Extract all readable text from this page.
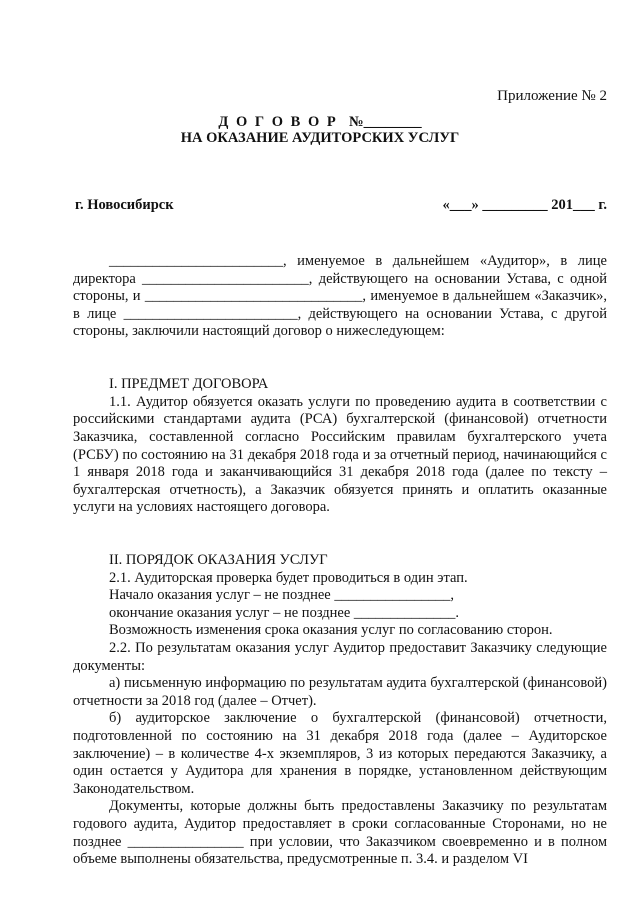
Приложение № 2
Д О Г О В О Р №________
НА ОКАЗАНИЕ АУДИТОРСКИХ УСЛУГ
г. Новосибирск	«___» _________ 201___ г.

________________________, именуемое в дальнейшем «Аудитор», в лице директора _______________________, действующего на основании Устава, с одной стороны, и ______________________________, именуемое в дальнейшем «Заказчик», в лице ________________________, действующего на основании Устава, с другой стороны, заключили настоящий договор о нижеследующем:

I. ПРЕДМЕТ ДОГОВОРА

1.1. Аудитор обязуется оказать услуги по проведению аудита в соответствии с российскими стандартами аудита (РСА) бухгалтерской (финансовой) отчетности Заказчика, составленной согласно Российским правилам бухгалтерского учета (РСБУ) по состоянию на 31 декабря 2018 года и за отчетный период, начинающийся с 1 января 2018 года и заканчивающийся 31 декабря 2018 года (далее по тексту – бухгалтерская отчетность), а Заказчик обязуется принять и оплатить оказанные услуги на условиях настоящего договора.

II. ПОРЯДОК ОКАЗАНИЯ УСЛУГ

2.1. Аудиторская проверка будет проводиться в один этап.

Начало оказания услуг – не позднее ________________,

окончание оказания услуг – не позднее ______________.

Возможность изменения срока оказания услуг по согласованию сторон.

2.2. По результатам оказания услуг Аудитор предоставит Заказчику следующие документы:

а) письменную информацию по результатам аудита бухгалтерской (финансовой) отчетности за 2018 год (далее – Отчет).

б) аудиторское заключение о бухгалтерской (финансовой) отчетности, подготовленной по состоянию на 31 декабря 2018 года (далее – Аудиторское заключение) – в количестве 4-х экземпляров, 3 из которых передаются Заказчику, а один остается у Аудитора для хранения в порядке, установленном действующим Законодательством.

Документы, которые должны быть предоставлены Заказчику по результатам годового аудита, Аудитор предоставляет в сроки согласованные Сторонами, но не позднее ________________ при условии, что Заказчиком своевременно и в полном объеме выполнены обязательства, предусмотренные п. 3.4. и разделом VI
